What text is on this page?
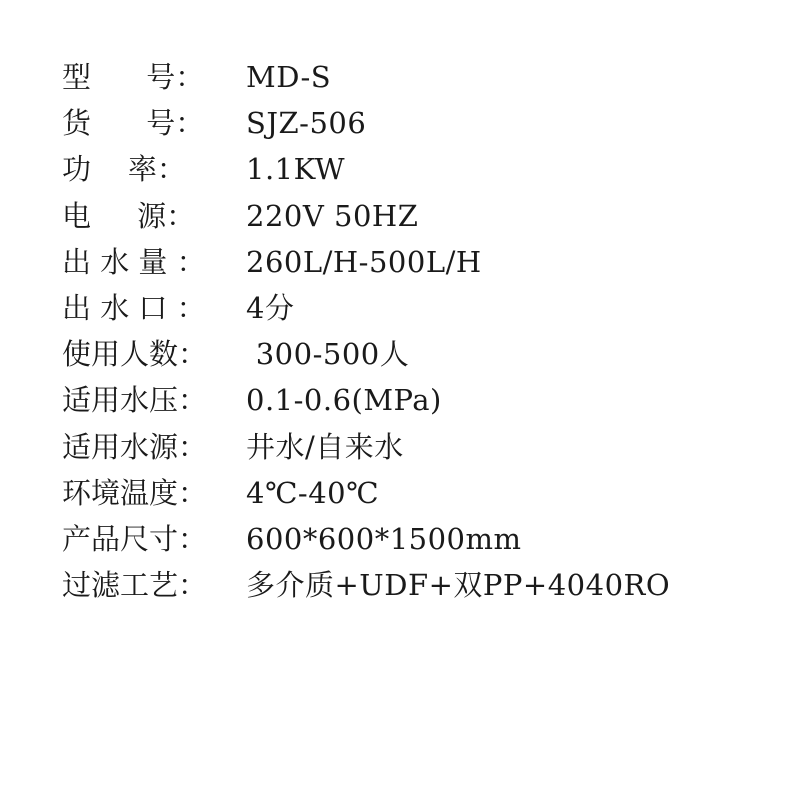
型      号：	MD-S
货      号：	SJZ-506
功    率：	1.1KW
电     源：	220V 50HZ
出 水 量 ：	260L/H-500L/H
出 水 口 ：	4分
使用人数：	300-500人
适用水压：	0.1-0.6(MPa)
适用水源：	井水/自来水
环境温度：	4℃-40℃
产品尺寸：	600*600*1500mm
过滤工艺：	多介质+UDF+双PP+4040RO
